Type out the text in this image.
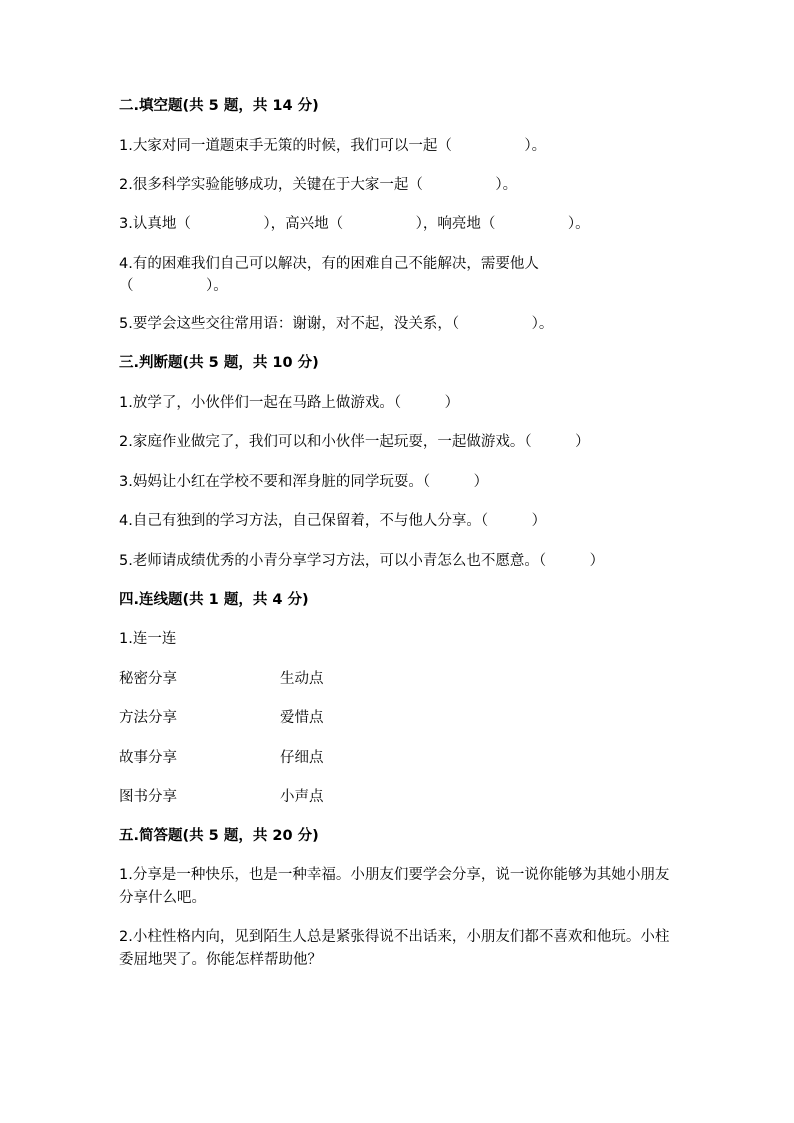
二.填空题(共 5 题，共 14 分)
1.大家对同一道题束手无策的时候，我们可以一起（　　　　　）。
2.很多科学实验能够成功，关键在于大家一起（　　　　　）。
3.认真地（　　　　　），高兴地（　　　　　），响亮地（　　　　　）。
4.有的困难我们自己可以解决，有的困难自己不能解决，需要他人
（　　　　　）。
5.要学会这些交往常用语：谢谢，对不起，没关系，（　　　　　）。
三.判断题(共 5 题，共 10 分)
1.放学了，小伙伴们一起在马路上做游戏。（　　　）
2.家庭作业做完了，我们可以和小伙伴一起玩耍，一起做游戏。（　　　）
3.妈妈让小红在学校不要和浑身脏的同学玩耍。（　　　）
4.自己有独到的学习方法，自己保留着，不与他人分享。（　　　）
5.老师请成绩优秀的小青分享学习方法，可以小青怎么也不愿意。（　　　）
四.连线题(共 1 题，共 4 分)
1.连一连
秘密分享	生动点
方法分享	爱惜点
故事分享	仔细点
图书分享	小声点
五.简答题(共 5 题，共 20 分)
1.分享是一种快乐，也是一种幸福。小朋友们要学会分享，说一说你能够为其她小朋友分享什么吧。
2.小柱性格内向，见到陌生人总是紧张得说不出话来，小朋友们都不喜欢和他玩。小柱委屈地哭了。你能怎样帮助他？
